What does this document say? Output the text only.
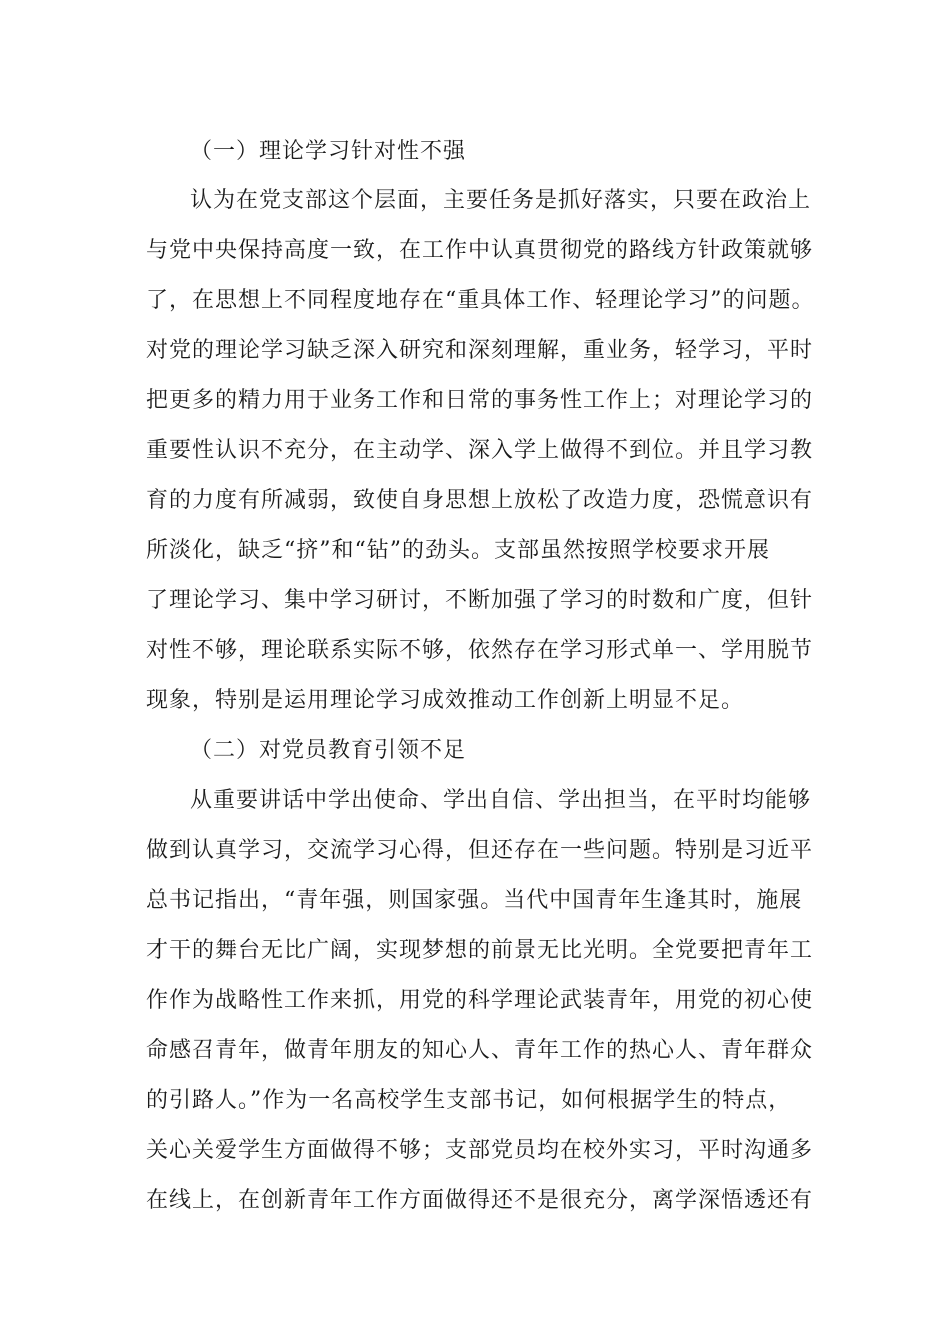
（一）理论学习针对性不强
认为在党支部这个层面，主要任务是抓好落实，只要在政治上
与党中央保持高度一致，在工作中认真贯彻党的路线方针政策就够
了，在思想上不同程度地存在“重具体工作、轻理论学习”的问题。
对党的理论学习缺乏深入研究和深刻理解，重业务，轻学习，平时
把更多的精力用于业务工作和日常的事务性工作上；对理论学习的
重要性认识不充分，在主动学、深入学上做得不到位。并且学习教
育的力度有所减弱，致使自身思想上放松了改造力度，恐慌意识有
所淡化，缺乏“挤”和“钻”的劲头。支部虽然按照学校要求开展
了理论学习、集中学习研讨，不断加强了学习的时数和广度，但针
对性不够，理论联系实际不够，依然存在学习形式单一、学用脱节
现象，特别是运用理论学习成效推动工作创新上明显不足。
（二）对党员教育引领不足
从重要讲话中学出使命、学出自信、学出担当，在平时均能够
做到认真学习，交流学习心得，但还存在一些问题。特别是习近平
总书记指出，“青年强，则国家强。当代中国青年生逢其时，施展
才干的舞台无比广阔，实现梦想的前景无比光明。全党要把青年工
作作为战略性工作来抓，用党的科学理论武装青年，用党的初心使
命感召青年，做青年朋友的知心人、青年工作的热心人、青年群众
的引路人。”作为一名高校学生支部书记，如何根据学生的特点，
关心关爱学生方面做得不够；支部党员均在校外实习，平时沟通多
在线上，在创新青年工作方面做得还不是很充分，离学深悟透还有
